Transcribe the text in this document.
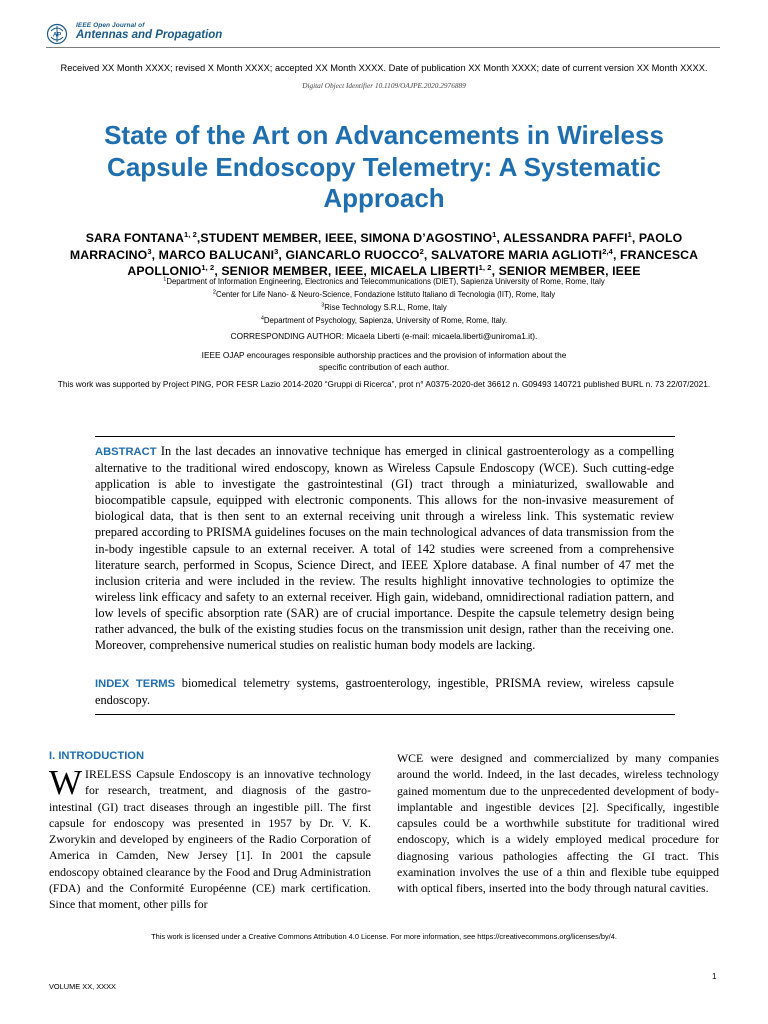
AP
IEEE Open Journal of
Antennas and Propagation
Received XX Month XXXX; revised X Month XXXX; accepted XX Month XXXX. Date of publication XX Month XXXX; date of current version XX Month XXXX.
Digital Object Identifier 10.1109/OAJPE.2020.2976889
State of the Art on Advancements in Wireless Capsule Endoscopy Telemetry: A Systematic Approach
SARA FONTANA$^{1, 2}$,STUDENT MEMBER, IEEE, SIMONA D’AGOSTINO$^1$, ALESSANDRA PAFFI$^1$, PAOLO MARRACINO$^3$, MARCO BALUCANI$^3$, GIANCARLO RUOCCO$^2$, SALVATORE MARIA AGLIOTI$^{2,4}$, FRANCESCA APOLLONIO$^{1, 2}$, SENIOR MEMBER, IEEE, MICAELA LIBERTI$^{1, 2}$, SENIOR MEMBER, IEEE
$^1$Department of Information Engineering, Electronics and Telecommunications (DIET), Sapienza University of Rome, Rome, Italy
$^2$Center for Life Nano- & Neuro-Science, Fondazione Istituto Italiano di Tecnologia (IIT), Rome, Italy
$^3$Rise Technology S.R.L, Rome, Italy
$^4$Department of Psychology, Sapienza, University of Rome, Rome, Italy.
CORRESPONDING AUTHOR: Micaela Liberti (e-mail: micaela.liberti@uniroma1.it).
IEEE OJAP encourages responsible authorship practices and the provision of information about the specific contribution of each author.
This work was supported by Project PING, POR FESR Lazio 2014-2020 “Gruppi di Ricerca”, prot n° A0375-2020-det 36612 n. G09493 140721 published BURL n. 73 22/07/2021.
ABSTRACT In the last decades an innovative technique has emerged in clinical gastroenterology as a compelling alternative to the traditional wired endoscopy, known as Wireless Capsule Endoscopy (WCE). Such cutting-edge application is able to investigate the gastrointestinal (GI) tract through a miniaturized, swallowable and biocompatible capsule, equipped with electronic components. This allows for the non-invasive measurement of biological data, that is then sent to an external receiving unit through a wireless link. This systematic review prepared according to PRISMA guidelines focuses on the main technological advances of data transmission from the in-body ingestible capsule to an external receiver. A total of 142 studies were screened from a comprehensive literature search, performed in Scopus, Science Direct, and IEEE Xplore database. A final number of 47 met the inclusion criteria and were included in the review. The results highlight innovative technologies to optimize the wireless link efficacy and safety to an external receiver. High gain, wideband, omnidirectional radiation pattern, and low levels of specific absorption rate (SAR) are of crucial importance. Despite the capsule telemetry design being rather advanced, the bulk of the existing studies focus on the transmission unit design, rather than the receiving one. Moreover, comprehensive numerical studies on realistic human body models are lacking.
INDEX TERMS biomedical telemetry systems, gastroenterology, ingestible, PRISMA review, wireless capsule endoscopy.
I. INTRODUCTION
WIRELESS Capsule Endoscopy is an innovative technology for research, treatment, and diagnosis of the gastro-intestinal (GI) tract diseases through an ingestible pill. The first capsule for endoscopy was presented in 1957 by Dr. V. K. Zworykin and developed by engineers of the Radio Corporation of America in Camden, New Jersey [1]. In 2001 the capsule endoscopy obtained clearance by the Food and Drug Administration (FDA) and the Conformité Européenne (CE) mark certification. Since that moment, other pills for
WCE were designed and commercialized by many companies around the world. Indeed, in the last decades, wireless technology gained momentum due to the unprecedented development of body-implantable and ingestible devices [2]. Specifically, ingestible capsules could be a worthwhile substitute for traditional wired endoscopy, which is a widely employed medical procedure for diagnosing various pathologies affecting the GI tract. This examination involves the use of a thin and flexible tube equipped with optical fibers, inserted into the body through natural cavities.
This work is licensed under a Creative Commons Attribution 4.0 License. For more information, see https://creativecommons.org/licenses/by/4.
1
VOLUME XX, XXXX
